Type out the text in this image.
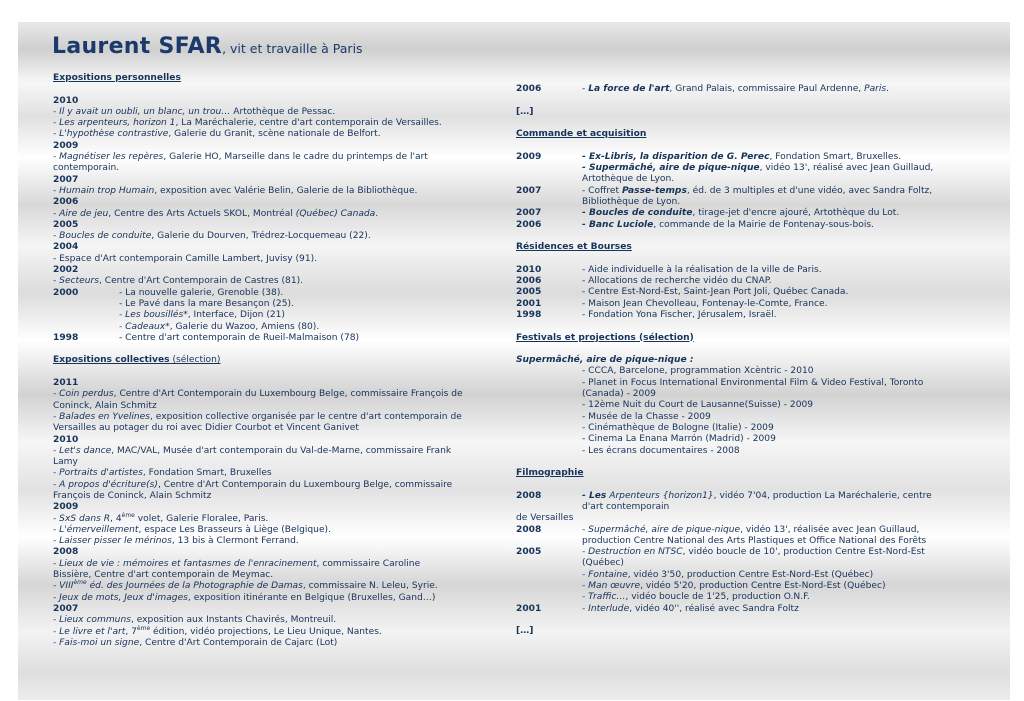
Laurent SFAR, vit et travaille à Paris

Expositions personnelles

2010
- Il y avait un oubli, un blanc, un trou… Artothèque de Pessac.
- Les arpenteurs, horizon 1, La Maréchalerie, centre d'art contemporain de Versailles.
- L'hypothèse contrastive, Galerie du Granit, scène nationale de Belfort.
2009
- Magnétiser les repères, Galerie HO, Marseille dans le cadre du printemps de l'art
contemporain.
2007
- Humain trop Humain, exposition avec Valérie Belin, Galerie de la Bibliothèque.
2006
- Aire de jeu, Centre des Arts Actuels SKOL, Montréal (Québec) Canada.
2005
- Boucles de conduite, Galerie du Dourven, Trédrez-Locquemeau (22).
2004
- Espace d'Art contemporain Camille Lambert, Juvisy (91).
2002
- Secteurs, Centre d'Art Contemporain de Castres (81).
2000	- La nouvelle galerie, Grenoble (38).
- Le Pavé dans la mare Besançon (25).
- Les bousillés*, Interface, Dijon (21)
- Cadeaux*, Galerie du Wazoo, Amiens (80).
1998	- Centre d'art contemporain de Rueil-Malmaison (78)

Expositions collectives (sélection)

2011
- Coin perdus, Centre d'Art Contemporain du Luxembourg Belge, commissaire François de
Coninck, Alain Schmitz
- Balades en Yvelines, exposition collective organisée par le centre d'art contemporain de
Versailles au potager du roi avec Didier Courbot et Vincent Ganivet
2010
- Let's dance, MAC/VAL, Musée d'art contemporain du Val-de-Marne, commissaire Frank
Lamy
- Portraits d'artistes, Fondation Smart, Bruxelles
- A propos d'écriture(s), Centre d'Art Contemporain du Luxembourg Belge, commissaire
François de Coninck, Alain Schmitz
2009
- SxS dans R, 4ème volet, Galerie Floralee, Paris.
- L'émerveillement, espace Les Brasseurs à Liège (Belgique).
- Laisser pisser le mérinos, 13 bis à Clermont Ferrand.
2008
- Lieux de vie : mémoires et fantasmes de l'enracinement, commissaire Caroline
Bissière, Centre d'art contemporain de Meymac.
- VIIIème éd. des Journées de la Photographie de Damas, commissaire N. Leleu, Syrie.
- Jeux de mots, Jeux d'images, exposition itinérante en Belgique (Bruxelles, Gand…)
2007
- Lieux communs, exposition aux Instants Chavirés, Montreuil.
- Le livre et l'art, 7ème édition, vidéo projections, Le Lieu Unique, Nantes.
- Fais-moi un signe, Centre d'Art Contemporain de Cajarc (Lot)
2006	- La force de l'art, Grand Palais, commissaire Paul Ardenne, Paris.
[…]

Commande et acquisition

2009	- Ex-Libris, la disparition de G. Perec, Fondation Smart, Bruxelles.
- Supermâché, aire de pique-nique, vidéo 13', réalisé avec Jean Guillaud,
Artothèque de Lyon.
2007	- Coffret Passe-temps, éd. de 3 multiples et d'une vidéo, avec Sandra Foltz,
Bibliothèque de Lyon.
2007	- Boucles de conduite, tirage-jet d'encre ajouré, Artothèque du Lot.
2006	- Banc Luciole, commande de la Mairie de Fontenay-sous-bois.

Résidences et Bourses

2010	- Aide individuelle à la réalisation de la ville de Paris.
2006	- Allocations de recherche vidéo du CNAP.
2005	- Centre Est-Nord-Est, Saint-Jean Port Joli, Québec Canada.
2001	- Maison Jean Chevolleau, Fontenay-le-Comte, France.
1998	- Fondation Yona Fischer, Jérusalem, Israël.

Festivals et projections (sélection)

Supermâché, aire de pique-nique :
- CCCA, Barcelone, programmation Xcèntric - 2010
- Planet in Focus International Environmental Film & Video Festival, Toronto
(Canada) - 2009
- 12ème Nuit du Court de Lausanne(Suisse) - 2009
- Musée de la Chasse - 2009
- Cinémathèque de Bologne (Italie) - 2009
- Cinema La Enana Marrón (Madrid) - 2009
- Les écrans documentaires - 2008

Filmographie

2008	- Les Arpenteurs {horizon1}, vidéo 7'04, production La Maréchalerie, centre
d'art contemporain
de Versailles
2008	- Supermâché, aire de pique-nique, vidéo 13', réalisée avec Jean Guillaud,
production Centre National des Arts Plastiques et Office National des Forêts
2005	- Destruction en NTSC, vidéo boucle de 10', production Centre Est-Nord-Est
(Québec)
- Fontaine, vidéo 3'50, production Centre Est-Nord-Est (Québec)
- Man œuvre, vidéo 5'20, production Centre Est-Nord-Est (Québec)
- Traffic…, vidéo boucle de 1'25, production O.N.F.
2001	- Interlude, vidéo 40'', réalisé avec Sandra Foltz
[…]
